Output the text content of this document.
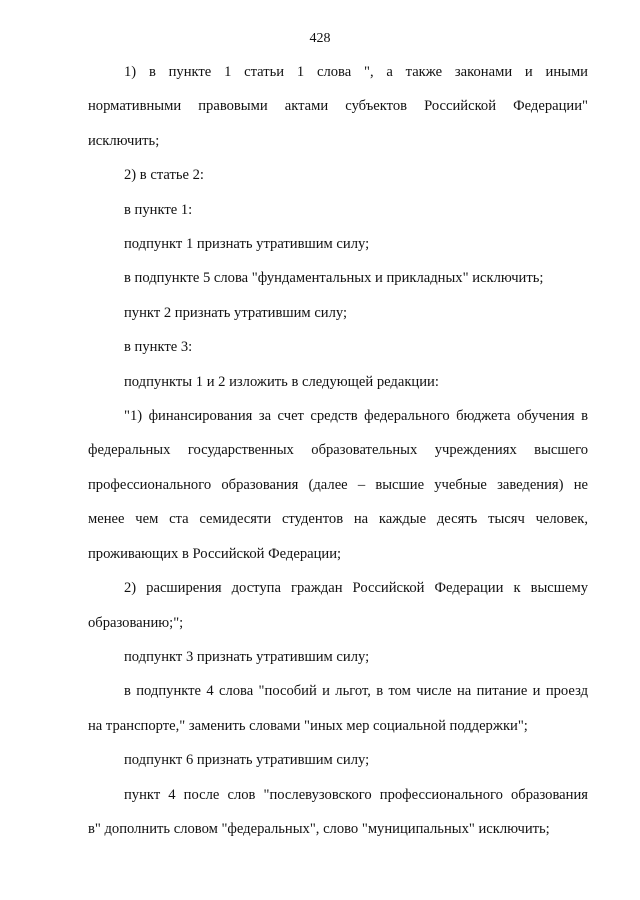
428
1) в пункте 1 статьи 1 слова ", а также законами и иными
нормативными правовыми актами субъектов Российской Федерации"
исключить;
2) в статье 2:
в пункте 1:
подпункт 1 признать утратившим силу;
в подпункте 5 слова "фундаментальных и прикладных" исключить;
пункт 2 признать утратившим силу;
в пункте 3:
подпункты 1 и 2 изложить в следующей редакции:
"1) финансирования за счет средств федерального бюджета обучения в
федеральных государственных образовательных учреждениях высшего
профессионального образования (далее – высшие учебные заведения) не
менее чем ста семидесяти студентов на каждые десять тысяч человек,
проживающих в Российской Федерации;
2) расширения доступа граждан Российской Федерации к высшему
образованию;";
подпункт 3 признать утратившим силу;
в подпункте 4 слова "пособий и льгот, в том числе на питание и проезд
на транспорте," заменить словами "иных мер социальной поддержки";
подпункт 6 признать утратившим силу;
пункт 4 после слов "послевузовского профессионального образования
в" дополнить словом "федеральных", слово "муниципальных" исключить;
